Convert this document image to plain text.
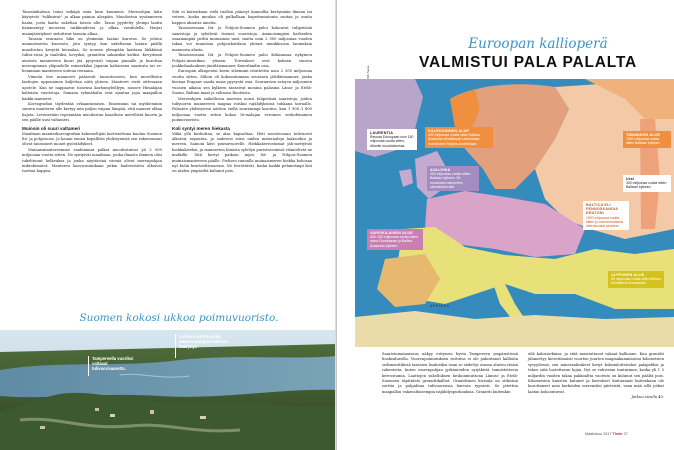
Tanssiinkutsua toimi mikäpä muu kuin kuumuus. Meresohjan laita käytyivät "tulikuivat" ja alkaa painua alaspäin. Muodostuu syvänmeren haata, josta laatta sukeltaa toisen alle. Tasoa pyydetty ylempi laatta hämmentyy moisesta tarkkuudesta ja alkaa vavahdella. Hurjat maanjäristykset sieluttivat tanssin alkua.

Tanssin seuraava liike on ylemmän laatan kurotus. Se johtuu mannermesta kuorosta, jota syntyy, kun sukeltavan laatan päällä muodostuu kevyttä kiviaalaa. Se nousee ylempään laattaan läikkässä tuliva-rissä ja vaaleiksi, kevyiksi, graniittin sukuisiksi kiviksi. Kevyitemä aineista mannereen kuori jää pysyvästi vaipan pinnalle ja kurottaa merenpinnan yläpuolelle esimerkiksi Japanin kaltaisena saarirata tai ve-henmman mantereen uutena reunana.

Viimein itse manneret pääsevät tanssitorseen, kun merellisten laattojen upponainen kuljettaa niitä yhteen. Manteret eivät oittessaan upotele. Kun ne nappaavat toisensa karhumyleillyyn, nousee Himalajan kaltaista vuoristoja. Samaan ryhmähalin ovat ajautua jopa maapallon kaikki manteret.

Koreografian täydentää erkaantumisen. Ennemmin tai myöhemmin suuren manteren alle kertyy niin paljon vaipan lämpöä, että manner alkaa hajota. Levenevään repeämään muodostuu basaltista merellistä kuorta ja sen päälle uusi valtameri.

Muinoin oli suuri valtameri

Maailman mannerkoreografian kokemeltijän kortistettuna kuuluu Suomen ltä- ja pohjoisosa. Jo kauan ennen kopallista yhdistymistä sen rakennusaat olivat tanssineet monet pyörähdykset.

Muinaismantereemme vanhimmat palkat muodostuivat yli 3 000 miljoonaa vuotta sitten. Ne syntyivät maailman, jonka ilmasto ilminen olisi tukehtunut helkeuksa ja jonka näyttävinä väeinä olivat merenpohjan mikrobimatot. Manteren kasvu-muinkaan jotkin badereisteta alkoivat tuottaa happea.

Sitä ei kuitenkaan vielä tuollon päässyt kunnollia kertymään ilmaan tai veteen, koska muulan oli pulkollaan hapettumatonta rautaa ja muita happea ahmivia aineita.

Tanssisessaan Itä- ja Pohjois-Suomen paloi kokouvat tulipetäsiä saaristoja ja syleilivät itsensä vuoristoja. Ammoisimpien karheiden osaamanpää peittä muinainen uusi, mutta noin 2 000 miljoonaa vuoden takaa voi tunnistaa pohjoiskattlana yhtenä nimikkoosia laumuksia mannerta alusta.

Tanssisessaan Itä- ja Pohjois-Suomen paloi Kekaansaa nykyinen Pohjois-Amerikan ytimen. Toiveakset ovat kolmen suuren joukkohaalauksen jäntiläismanner Kenorlandin osia.

Euroopan alkuperäsi kovin sihemnin istuttettin noin 2 200 miljoonaa vuotta sitten. Silloin oli kokoontumaan seuraava jättiläismanner, jonka kuvaaa Prapaav saada uusia pyyvystä osia. Seuraavien satojen miljoonien vuosien aikana sen kylkeen tanssivat monina palasina Länsi- ja Etelä-Suomi, Baltian maat ja valtaosa Ruotsista.

Meresohjien suikellessa moresta nousi tulipetäsiä saaristoja, joiden tuliyuoren mannereen magma roiskui rajähdyksissä tuhkana taivaalle. Palasten yhdistyessä näitten viellä suuremmpi kurotus, kun 1 900–1 800 miljoonaa vuotta sitten kokoa lit-malajan veroinen svekofenninen poimuvuoristo.

Koli syntyi meren hiekasta

Mikä yllä kurkottaa, se alas kapsahtaa. Heti noustessaan tulivuoret alkoivat rapautua, ja sadevesi siirsi niiden mineraaleja laaksoihin ja mereen. Samoin kävi poimuvuorelle. Hiekkakerrostumat jäh-mettyivät hiekkakiveksi, ja mannerten liimista syleilyn puristusvoimat vääntelivät ne mutkille. Sitä kertyi paikoin myös Itä- ja Pohjois-Suomen muinaismantereen päälle. Pielisen rannalla muinaismeren hiekka kohosaa nyt Kolin kvartsiittivaarona. Ne törröttävät, koska kaikki pehmeämpi kivi on niiden ympäriltä kulunut pois.

Suomen kokosi ukkoa poimuvuoristo.
Tampereella vuoriksi valtaaat tulivuorisaaretto.
Lohjasa luorhe viralu mereen pohjaan kallioon käärynyt.
Euroopan kallioperä
VALMISTUI PALA PALALTA
KALEDONINEN ALUE
400 miljoonaa vuotta sitten Baltica-Avalonian törmätessä Laurentiaan, muinaiseen Pohjois-Amerikkaan.
TIMANIDEN ALUE
1000 miljoonaa vuotta sitten Baltican kylkeen.
LAURENTIA
Reunaa Euroopaan noin 150 miljoonaa vuotta sitten. Atlantin muodostuessa.
AVALONIA
450 miljoonaa vuotta sitten Baltican kylkeen. Se muodostui mannerten rakenteiden alla.
Ural
300 miljoonaa vuotta sitten Baltican kylkeen.
BALTICA ELI FENNOSKANDIA KRATONI
1500 miljoonaa vuotta sitten jo mannermaiseksi rakentuvaksi alueeksi.
VARISKILAINEN ALUE
400–300 miljoonaa vuotta sitten osina Gondwanan ja Baltica-Avalonian kylkeen.
ALPPIINEN ALUE
65 miljoonaa vuotta sitten Afrikan törmätessä Euraasiaan.
AFRIKKA

Saaristomuinaisuus näkyy erityisen hyvin Tampereen ympäristössä liuskealueella. Vuorenpoimutuksen ruttutus ei ole pakottanut kallioita sedimenttikiviä tanssien lisalueiksi vaan se sädettyi osassa alueen räsisä rakenteita, kuten merenpohjan jyrkänteiden syrjäkiviä tunnistettavia kerrostumia. Laattojen sukelluksen keskonmuistona Lännsi- ja Etelä-Suomeen täpittävät graniittikalliot. Graniittinen kivisula on sitkeänä sorttia ja pulpahtaa tulivuorensia harvoin tyynesti. Se jätettiin maapallon vakavaltaisempia näjähdyspurkauksia. Graniitti kuitenkin

eilä kalossiekinsa, ja siitä muistuttavat vakaat kallionne. Kun graniitti jähmettyy kiereitömästi vuorten juurten magmakammioissa kilometrien syvyydessä, sen mineraalirakeet kiviyt kolmiulotteisoksi palapeliksi ja tekee siitä luotettavan lujaa. Nyt se vahvistaa tunturinne, koska yli 1 5 miljardin vuoden takaa pakkoaltta vuoristo on kulunut sen päältä pois. Kilometrien kuusten kulunet ja kerrokset kuituunnat kuitenkaan ole kurottaneet noin korkeiden mereneksi piirteistä, vaan mää sillä jotkut laatan kokoontuvat.

Jatkuu sivulla 40.

Maaliskuu 2017 Tiede 37
